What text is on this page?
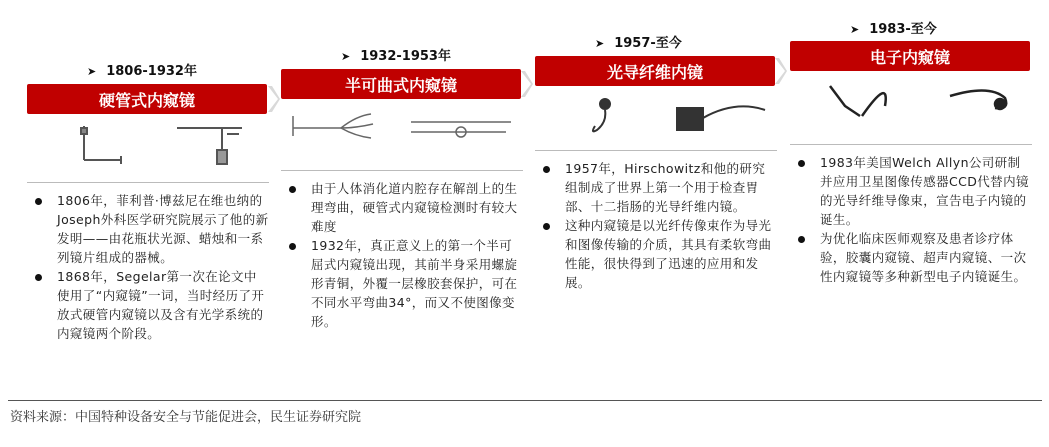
➤ 1806-1932年
硬管式内窥镜
1806年，菲利普·博兹尼在维也纳的Joseph外科医学研究院展示了他的新发明——由花瓶状光源、蜡烛和一系列镜片组成的器械。
1868年，Segelar第一次在论文中使用了“内窥镜”一词，当时经历了开放式硬管内窥镜以及含有光学系统的内窥镜两个阶段。
➤ 1932-1953年
半可曲式内窥镜
由于人体消化道内腔存在解剖上的生理弯曲，硬管式内窥镜检测时有较大难度
1932年，真正意义上的第一个半可屈式内窥镜出现，其前半身采用螺旋形青铜，外覆一层橡胶套保护，可在不同水平弯曲34°，而又不使图像变形。
➤ 1957-至今
光导纤维内镜
1957年，Hirschowitz和他的研究组制成了世界上第一个用于检查胃部、十二指肠的光导纤维内镜。
这种内窥镜是以光纤传像束作为导光和图像传输的介质，其具有柔软弯曲性能，很快得到了迅速的应用和发展。
➤ 1983-至今
电子内窥镜
1983年美国Welch Allyn公司研制并应用卫星图像传感器CCD代替内镜的光导纤维导像束，宣告电子内镜的诞生。
为优化临床医师观察及患者诊疗体验，胶囊内窥镜、超声内窥镜、一次性内窥镜等多种新型电子内镜诞生。
资料来源：中国特种设备安全与节能促进会，民生证券研究院
